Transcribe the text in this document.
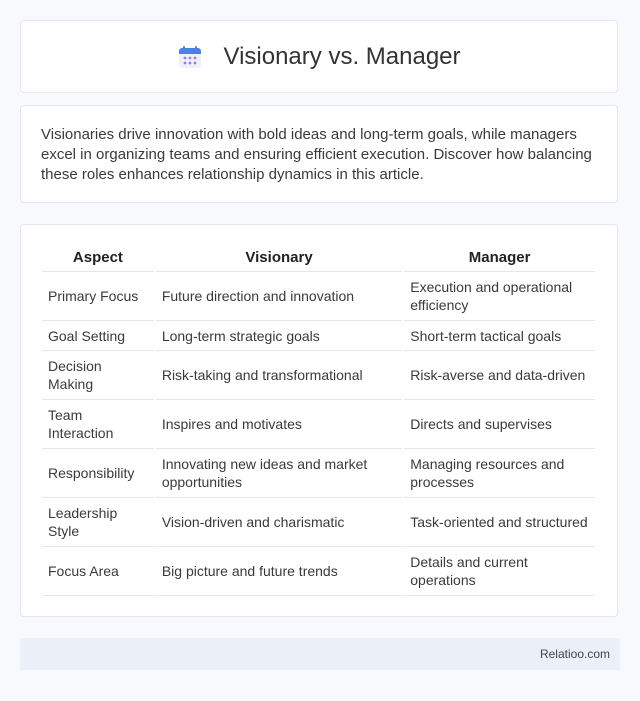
Visionary vs. Manager

Visionaries drive innovation with bold ideas and long-term goals, while managers excel in organizing teams and ensuring efficient execution. Discover how balancing these roles enhances relationship dynamics in this article.

Aspect	Visionary	Manager
Primary Focus	Future direction and innovation	Execution and operational efficiency
Goal Setting	Long-term strategic goals	Short-term tactical goals
Decision Making	Risk-taking and transformational	Risk-averse and data-driven
Team Interaction	Inspires and motivates	Directs and supervises
Responsibility	Innovating new ideas and market opportunities	Managing resources and processes
Leadership Style	Vision-driven and charismatic	Task-oriented and structured
Focus Area	Big picture and future trends	Details and current operations
Relatioo.com
